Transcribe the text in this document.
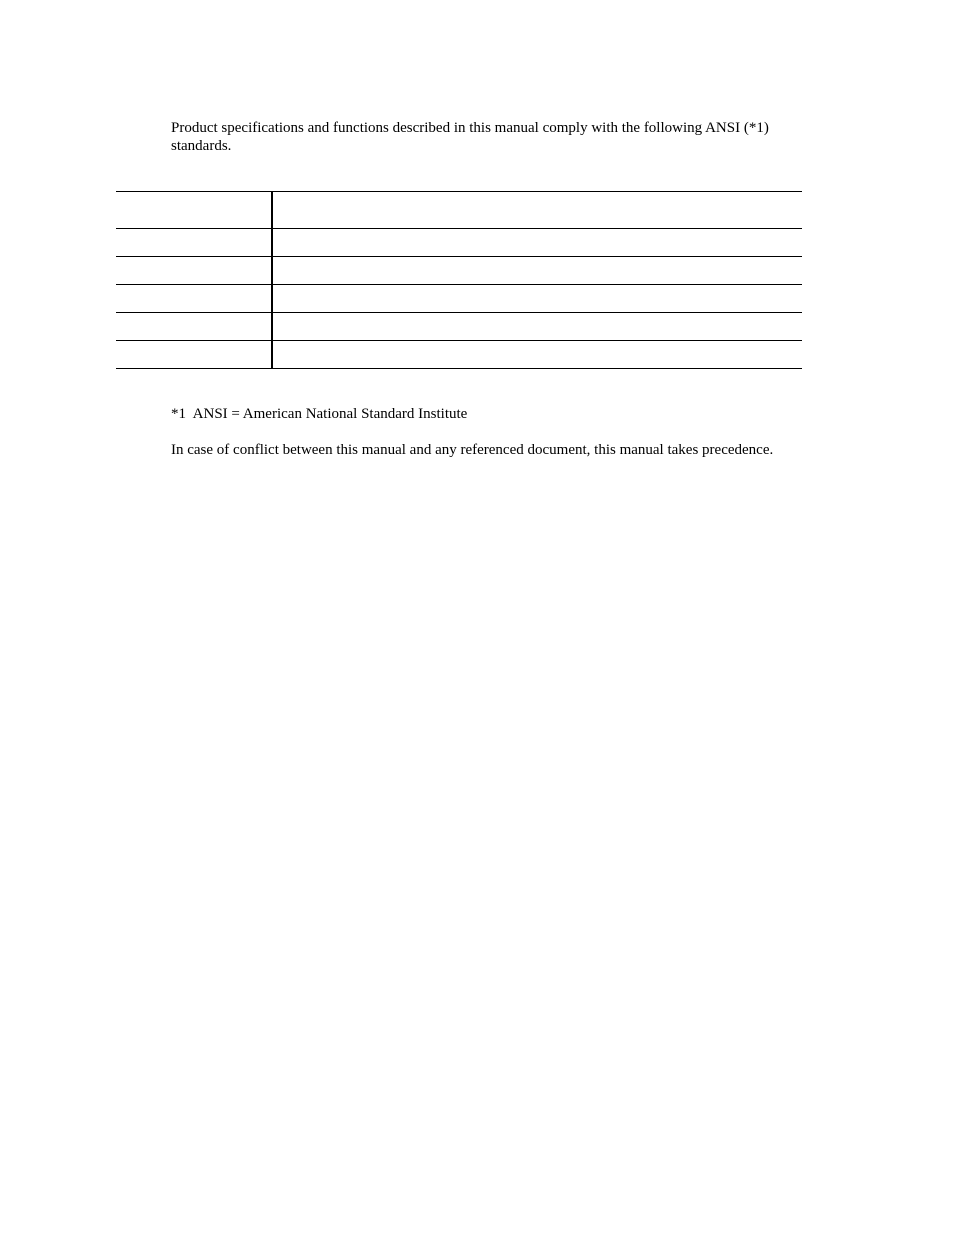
Product specifications and functions described in this manual comply with the following ANSI (*1) standards.

*1  ANSI = American National Standard Institute

In case of conflict between this manual and any referenced document, this manual takes precedence.
